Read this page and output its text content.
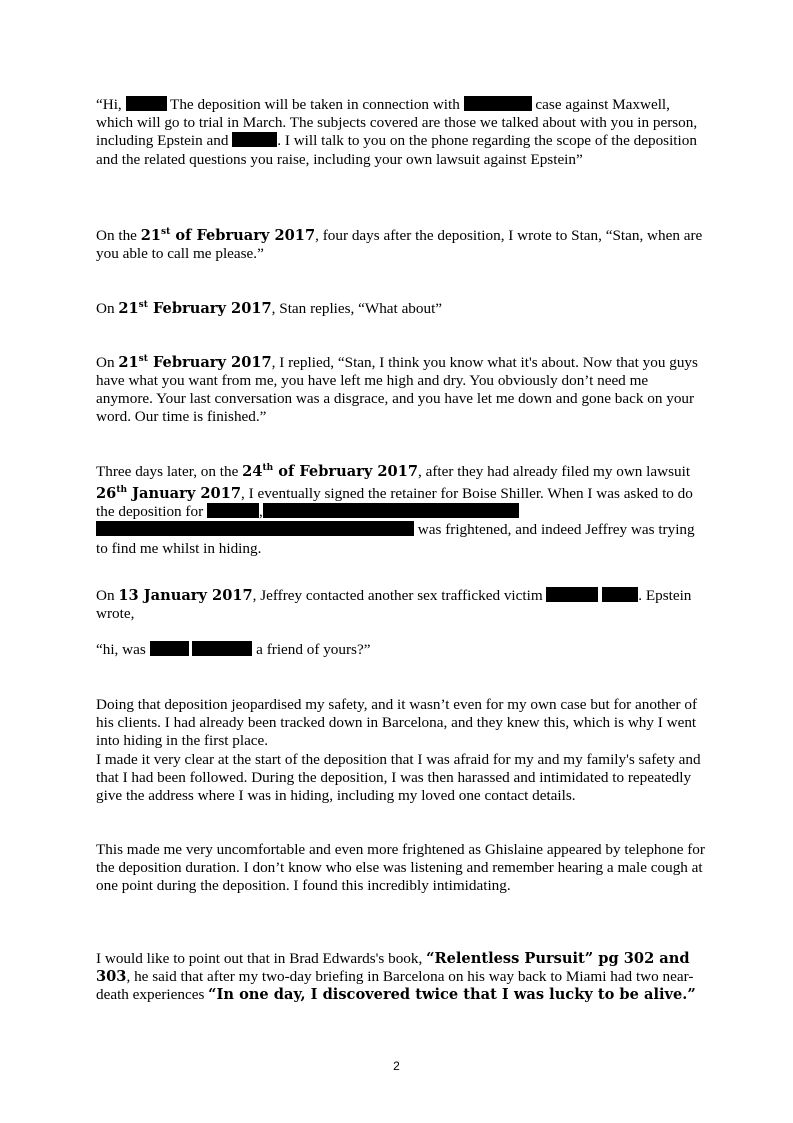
“Hi,	The deposition will be taken in connection with	case against Maxwell, which will go to trial in March. The subjects covered are those we talked about with you in person, including Epstein and	. I will talk to you on the phone regarding the scope of the deposition and the related questions you raise, including your own lawsuit against Epstein”

On the 21st of February 2017, four days after the deposition, I wrote to Stan, “Stan, when are you able to call me please.”

On 21st February 2017, Stan replies, “What about”

On 21st February 2017, I replied, “Stan, I think you know what it's about. Now that you guys have what you want from me, you have left me high and dry. You obviously don’t need me anymore. Your last conversation was a disgrace, and you have let me down and gone back on your word. Our time is finished.”

Three days later, on the 24th of February 2017, after they had already filed my own lawsuit 26th January 2017, I eventually signed the retainer for Boise Shiller. When I was asked to do the deposition for	,  was frightened, and indeed Jeffrey was trying to find me whilst in hiding.

On 13 January 2017, Jeffrey contacted another sex trafficked victim	. Epstein wrote,

“hi, was	a friend of yours?”

Doing that deposition jeopardised my safety, and it wasn’t even for my own case but for another of his clients. I had already been tracked down in Barcelona, and they knew this, which is why I went into hiding in the first place.

I made it very clear at the start of the deposition that I was afraid for my and my family's safety and that I had been followed. During the deposition, I was then harassed and intimidated to repeatedly give the address where I was in hiding, including my loved one contact details.

This made me very uncomfortable and even more frightened as Ghislaine appeared by telephone for the deposition duration. I don’t know who else was listening and remember hearing a male cough at one point during the deposition. I found this incredibly intimidating.

I would like to point out that in Brad Edwards's book, “Relentless Pursuit” pg 302 and 303, he said that after my two-day briefing in Barcelona on his way back to Miami had two near-death experiences “In one day, I discovered twice that I was lucky to be alive.”

2
